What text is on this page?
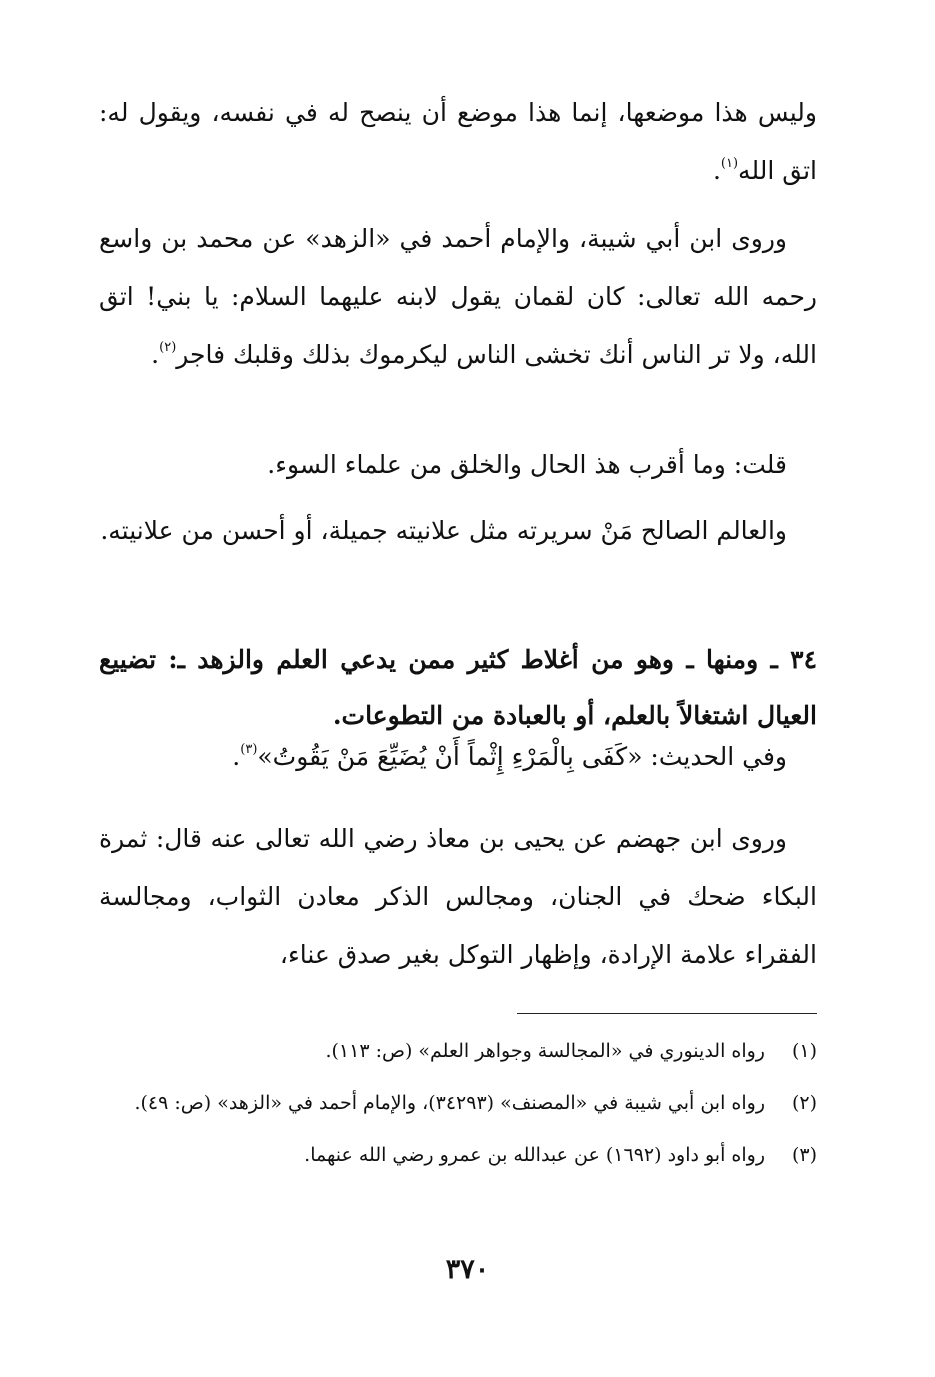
وليس هذا موضعها، إنما هذا موضع أن ينصح له في نفسه، ويقول له: اتق الله$^{(١)}$.

وروى ابن أبي شيبة، والإمام أحمد في «الزهد» عن محمد بن واسع رحمه الله تعالى: كان لقمان يقول لابنه عليهما السلام: يا بني! اتق الله، ولا تر الناس أنك تخشى الناس ليكرموك بذلك وقلبك فاجر$^{(٢)}$.

قلت: وما أقرب هذ الحال والخلق من علماء السوء.

والعالم الصالح مَنْ سريرته مثل علانيته جميلة، أو أحسن من علانيته.

٣٤ ـ ومنها ـ وهو من أغلاط كثير ممن يدعي العلم والزهد ـ: تضييع العيال اشتغالاً بالعلم، أو بالعبادة من التطوعات.

وفي الحديث: «كَفَى بِالْمَرْءِ إِثْماً أَنْ يُضَيِّعَ مَنْ يَقُوتُ»$^{(٣)}$.

وروى ابن جهضم عن يحيى بن معاذ رضي الله تعالى عنه قال: ثمرة البكاء ضحك في الجنان، ومجالس الذكر معادن الثواب، ومجالسة الفقراء علامة الإرادة، وإظهار التوكل بغير صدق عناء،

(١)
رواه الدينوري في «المجالسة وجواهر العلم» (ص: ١١٣).
(٢)
رواه ابن أبي شيبة في «المصنف» (٣٤٢٩٣)، والإمام أحمد في «الزهد» (ص: ٤٩).
(٣)
رواه أبو داود (١٦٩٢) عن عبدالله بن عمرو رضي الله عنهما.
٣٧٠
